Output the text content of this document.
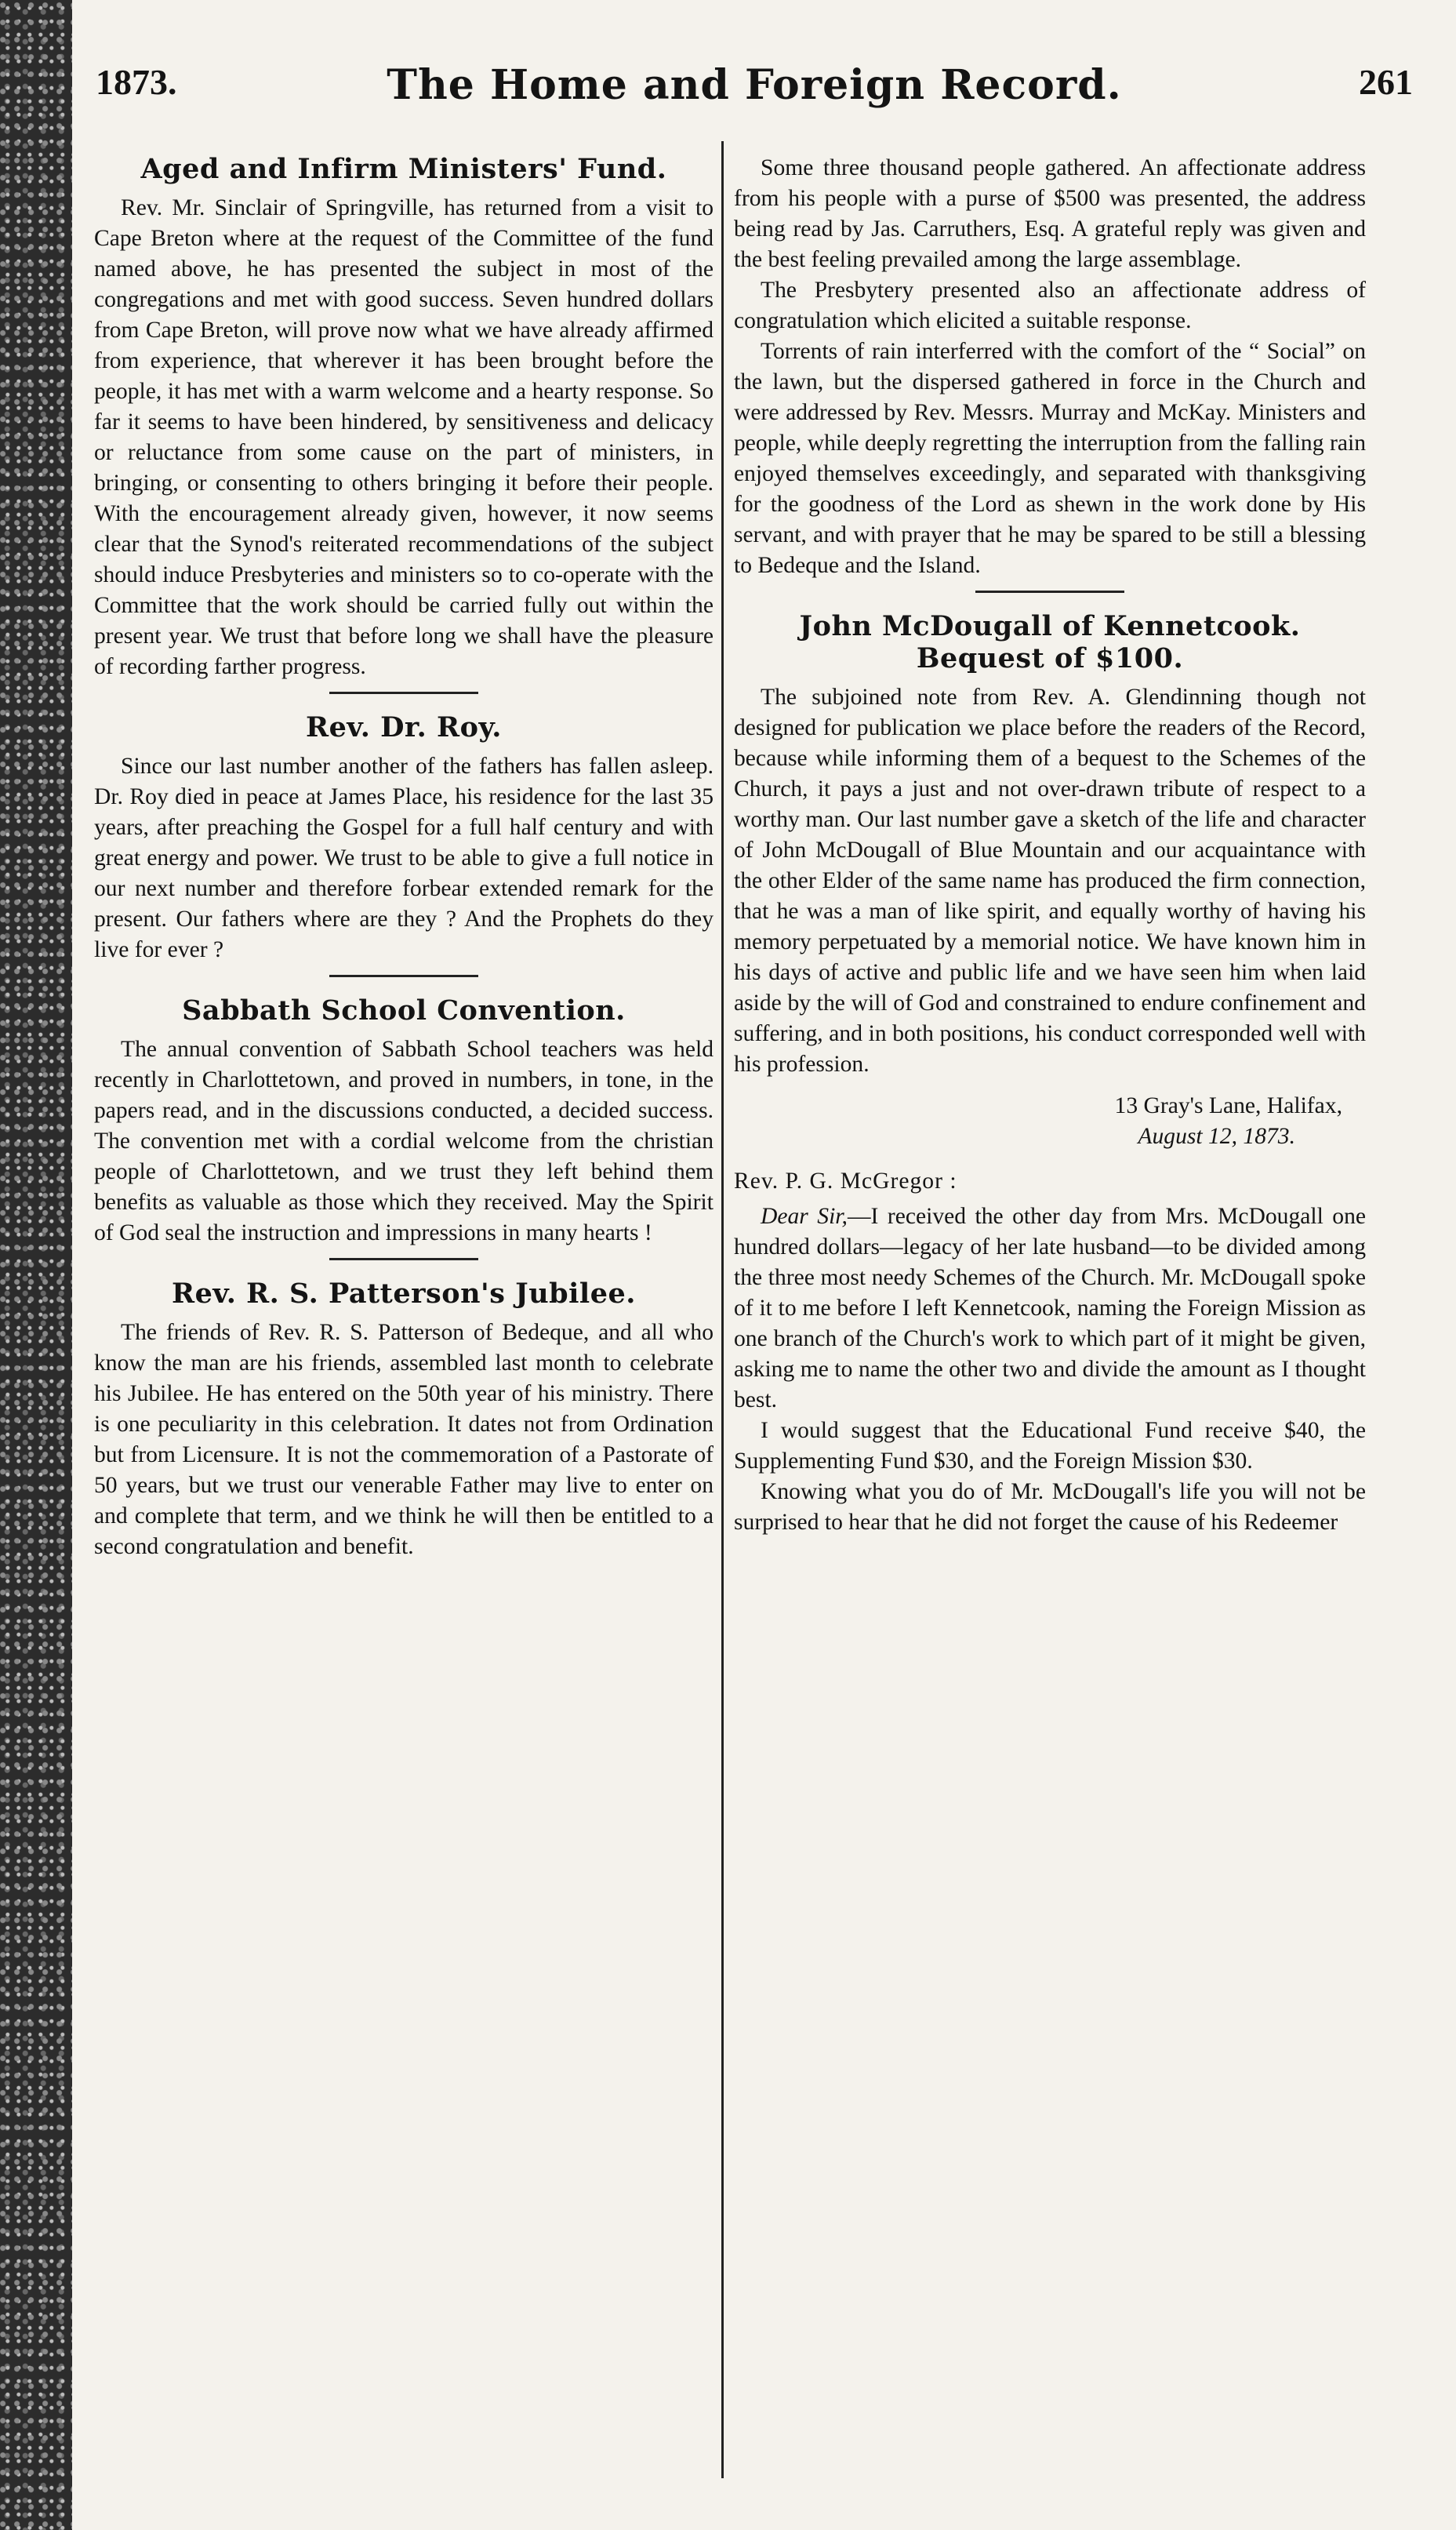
1873.	The Home and Foreign Record.	261
Aged and Infirm Ministers' Fund.

Rev. Mr. Sinclair of Springville, has returned from a visit to Cape Breton where at the request of the Committee of the fund named above, he has presented the subject in most of the congregations and met with good success. Seven hundred dollars from Cape Breton, will prove now what we have already affirmed from experience, that wherever it has been brought before the people, it has met with a warm welcome and a hearty response. So far it seems to have been hindered, by sensitiveness and delicacy or reluctance from some cause on the part of ministers, in bringing, or consenting to others bringing it before their people. With the encouragement already given, however, it now seems clear that the Synod's reiterated recommendations of the subject should induce Presbyteries and ministers so to co-operate with the Committee that the work should be carried fully out within the present year. We trust that before long we shall have the pleasure of recording farther progress.

Rev. Dr. Roy.

Since our last number another of the fathers has fallen asleep. Dr. Roy died in peace at James Place, his residence for the last 35 years, after preaching the Gospel for a full half century and with great energy and power. We trust to be able to give a full notice in our next number and therefore forbear extended remark for the present. Our fathers where are they ? And the Prophets do they live for ever ?

Sabbath School Convention.

The annual convention of Sabbath School teachers was held recently in Charlottetown, and proved in numbers, in tone, in the papers read, and in the discussions conducted, a decided success. The convention met with a cordial welcome from the christian people of Charlottetown, and we trust they left behind them benefits as valuable as those which they received. May the Spirit of God seal the instruction and impressions in many hearts !

Rev. R. S. Patterson's Jubilee.

The friends of Rev. R. S. Patterson of Bedeque, and all who know the man are his friends, assembled last month to celebrate his Jubilee. He has entered on the 50th year of his ministry. There is one peculiarity in this celebration. It dates not from Ordination but from Licensure. It is not the commemoration of a Pastorate of 50 years, but we trust our venerable Father may live to enter on and complete that term, and we think he will then be entitled to a second congratulation and benefit.

Some three thousand people gathered. An affectionate address from his people with a purse of $500 was presented, the address being read by Jas. Carruthers, Esq. A grateful reply was given and the best feeling prevailed among the large assemblage.

The Presbytery presented also an affectionate address of congratulation which elicited a suitable response.

Torrents of rain interferred with the comfort of the “ Social” on the lawn, but the dispersed gathered in force in the Church and were addressed by Rev. Messrs. Murray and McKay. Ministers and people, while deeply regretting the interruption from the falling rain enjoyed themselves exceedingly, and separated with thanksgiving for the goodness of the Lord as shewn in the work done by His servant, and with prayer that he may be spared to be still a blessing to Bedeque and the Island.

John McDougall of Kennetcook.
Bequest of $100.

The subjoined note from Rev. A. Glendinning though not designed for publication we place before the readers of the Record, because while informing them of a bequest to the Schemes of the Church, it pays a just and not over-drawn tribute of respect to a worthy man. Our last number gave a sketch of the life and character of John McDougall of Blue Mountain and our acquaintance with the other Elder of the same name has produced the firm connection, that he was a man of like spirit, and equally worthy of having his memory perpetuated by a memorial notice. We have known him in his days of active and public life and we have seen him when laid aside by the will of God and constrained to endure confinement and suffering, and in both positions, his conduct corresponded well with his profession.

13 Gray's Lane, Halifax,
August 12, 1873.
Rev. P. G. McGregor :

Dear Sir,—I received the other day from Mrs. McDougall one hundred dollars—legacy of her late husband—to be divided among the three most needy Schemes of the Church. Mr. McDougall spoke of it to me before I left Kennetcook, naming the Foreign Mission as one branch of the Church's work to which part of it might be given, asking me to name the other two and divide the amount as I thought best.

I would suggest that the Educational Fund receive $40, the Supplementing Fund $30, and the Foreign Mission $30.

Knowing what you do of Mr. McDougall's life you will not be surprised to hear that he did not forget the cause of his Redeemer
